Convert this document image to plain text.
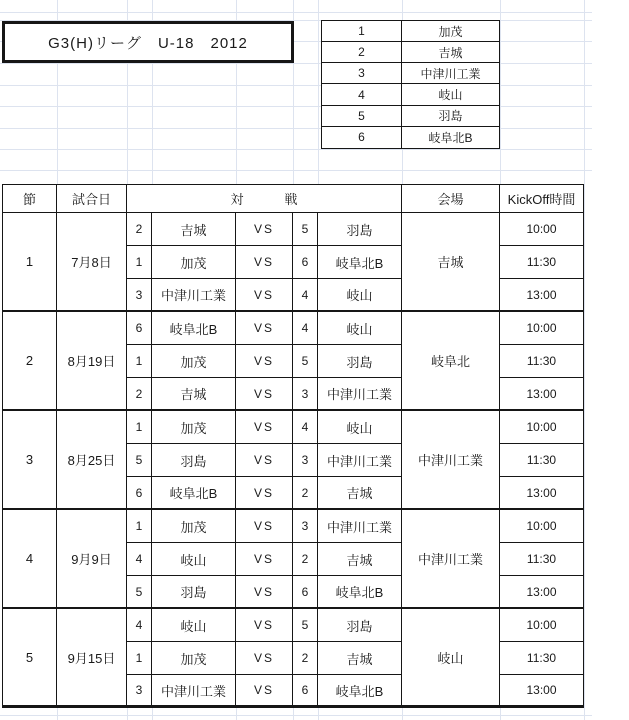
G3(H)リーグ　U-18　2012
1	加茂
2	吉城
3	中津川工業
4	岐山
5	羽島
6	岐阜北B
節	試合日	対　戦	会場	KickOff時間
1	7月8日	吉城
2	吉城	VS	5	羽島	10:00
1	加茂	VS	6	岐阜北B	11:30
3	中津川工業	VS	4	岐山	13:00
2	8月19日	岐阜北
6	岐阜北B	VS	4	岐山	10:00
1	加茂	VS	5	羽島	11:30
2	吉城	VS	3	中津川工業	13:00
3	8月25日	中津川工業
1	加茂	VS	4	岐山	10:00
5	羽島	VS	3	中津川工業	11:30
6	岐阜北B	VS	2	吉城	13:00
4	9月9日	中津川工業
1	加茂	VS	3	中津川工業	10:00
4	岐山	VS	2	吉城	11:30
5	羽島	VS	6	岐阜北B	13:00
5	9月15日	岐山
4	岐山	VS	5	羽島	10:00
1	加茂	VS	2	吉城	11:30
3	中津川工業	VS	6	岐阜北B	13:00
